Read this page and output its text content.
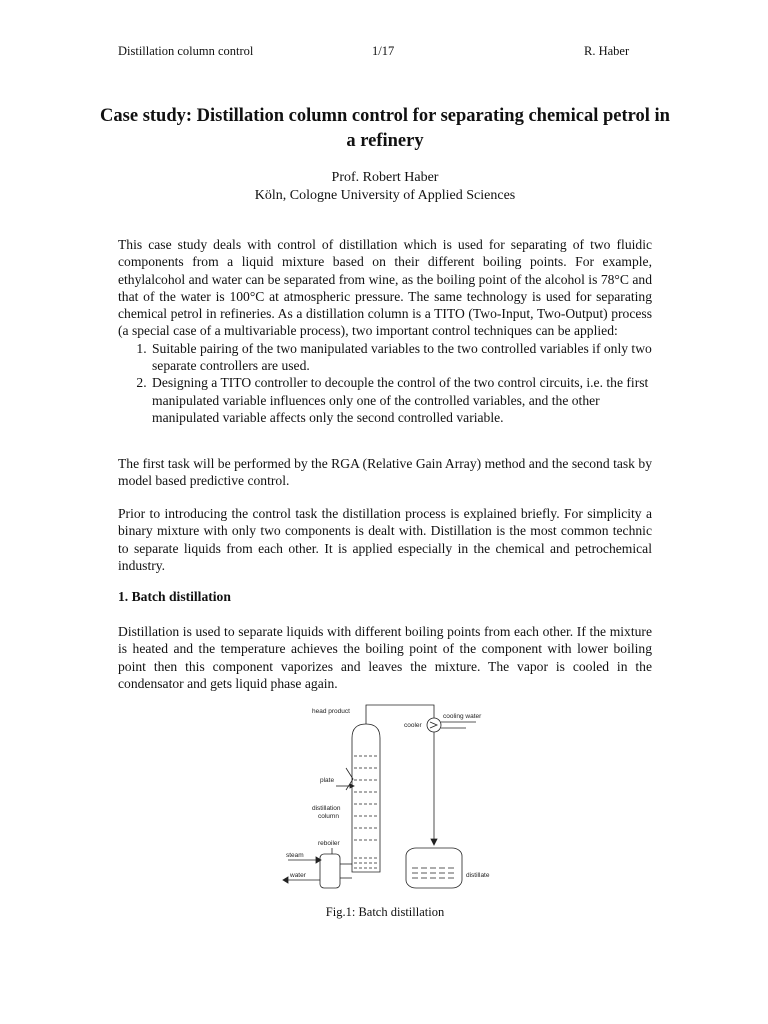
Distillation column control	1/17	R. Haber
Case study: Distillation column control for separating chemical petrol in a refinery
Prof. Robert Haber
Köln, Cologne University of Applied Sciences
This case study deals with control of distillation which is used for separating of two fluidic components from a liquid mixture based on their different boiling points. For example, ethylalcohol and water can be separated from wine, as the boiling point of the alcohol is 78°C and that of the water is 100°C at atmospheric pressure. The same technology is used for separating chemical petrol in refineries. As a distillation column is a TITO (Two-Input, Two-Output) process (a special case of a multivariable process), two important control techniques can be applied:
1. Suitable pairing of the two manipulated variables to the two controlled variables if only two separate controllers are used.
2. Designing a TITO controller to decouple the control of the two control circuits, i.e. the first manipulated variable influences only one of the controlled variables, and the other manipulated variable affects only the second controlled variable.
The first task will be performed by the RGA (Relative Gain Array) method and the second task by model based predictive control.
Prior to introducing the control task the distillation process is explained briefly. For simplicity a binary mixture with only two components is dealt with. Distillation is the most common technic to separate liquids from each other. It is applied especially in the chemical and petrochemical industry.
1. Batch distillation
Distillation is used to separate liquids with different boiling points from each other. If the mixture is heated and the temperature achieves the boiling point of the component with lower boiling point then this component vaporizes and leaves the mixture. The vapor is cooled in the condensator and gets liquid phase again.
head product
cooling water
cooler
plate
distillation
column
reboiler
steam
water	distillate
Fig.1: Batch distillation
